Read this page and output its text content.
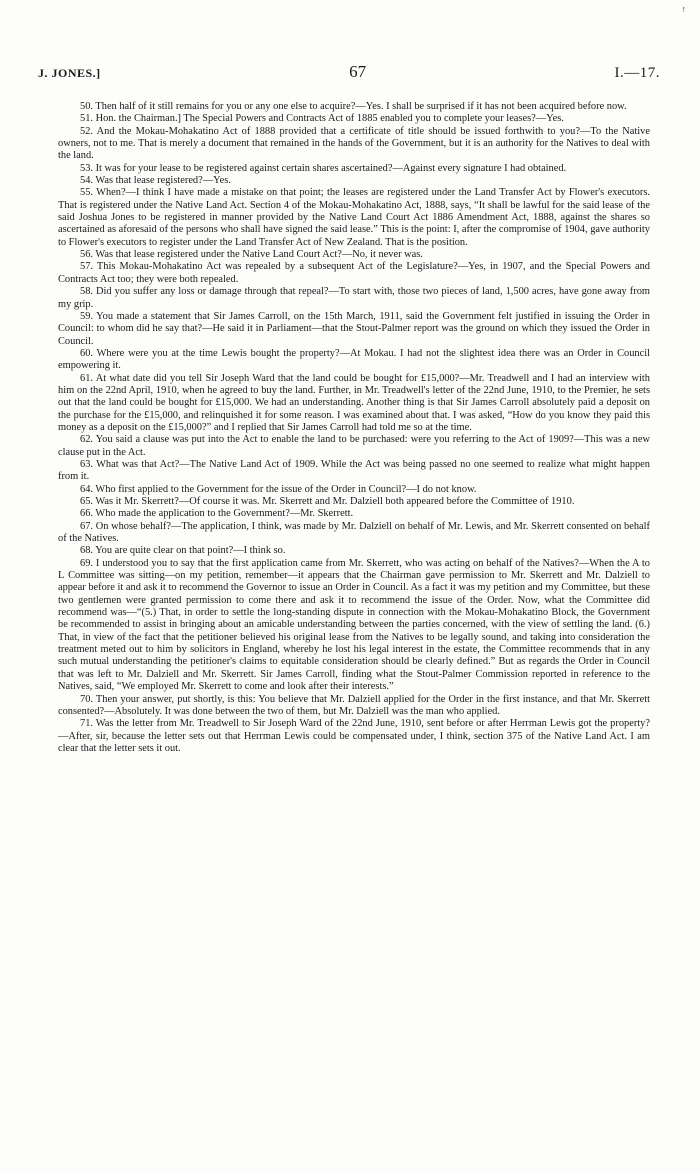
↑
J. JONES.]	67	I.—17.

50. Then half of it still remains for you or any one else to acquire?—Yes. I shall be surprised if it has not been acquired before now.

51. Hon. the Chairman.] The Special Powers and Contracts Act of 1885 enabled you to complete your leases?—Yes.

52. And the Mokau-Mohakatino Act of 1888 provided that a certificate of title should be issued forthwith to you?—To the Native owners, not to me. That is merely a document that remained in the hands of the Government, but it is an authority for the Natives to deal with the land.

53. It was for your lease to be registered against certain shares ascertained?—Against every signature I had obtained.

54. Was that lease registered?—Yes.

55. When?—I think I have made a mistake on that point; the leases are registered under the Land Transfer Act by Flower's executors. That is registered under the Native Land Act. Section 4 of the Mokau-Mohakatino Act, 1888, says, “It shall be lawful for the said lease of the said Joshua Jones to be registered in manner provided by the Native Land Court Act 1886 Amendment Act, 1888, against the shares so ascertained as aforesaid of the persons who shall have signed the said lease.” This is the point: I, after the compromise of 1904, gave authority to Flower's executors to register under the Land Transfer Act of New Zealand. That is the position.

56. Was that lease registered under the Native Land Court Act?—No, it never was.

57. This Mokau-Mohakatino Act was repealed by a subsequent Act of the Legislature?—Yes, in 1907, and the Special Powers and Contracts Act too; they were both repealed.

58. Did you suffer any loss or damage through that repeal?—To start with, those two pieces of land, 1,500 acres, have gone away from my grip.

59. You made a statement that Sir James Carroll, on the 15th March, 1911, said the Government felt justified in issuing the Order in Council: to whom did he say that?—He said it in Parliament—that the Stout-Palmer report was the ground on which they issued the Order in Council.

60. Where were you at the time Lewis bought the property?—At Mokau. I had not the slightest idea there was an Order in Council empowering it.

61. At what date did you tell Sir Joseph Ward that the land could be bought for £15,000?—Mr. Treadwell and I had an interview with him on the 22nd April, 1910, when he agreed to buy the land. Further, in Mr. Treadwell's letter of the 22nd June, 1910, to the Premier, he sets out that the land could be bought for £15,000. We had an understanding. Another thing is that Sir James Carroll absolutely paid a deposit on the purchase for the £15,000, and relinquished it for some reason. I was examined about that. I was asked, “How do you know they paid this money as a deposit on the £15,000?” and I replied that Sir James Carroll had told me so at the time.

62. You said a clause was put into the Act to enable the land to be purchased: were you referring to the Act of 1909?—This was a new clause put in the Act.

63. What was that Act?—The Native Land Act of 1909. While the Act was being passed no one seemed to realize what might happen from it.

64. Who first applied to the Government for the issue of the Order in Council?—I do not know.

65. Was it Mr. Skerrett?—Of course it was. Mr. Skerrett and Mr. Dalziell both appeared before the Committee of 1910.

66. Who made the application to the Government?—Mr. Skerrett.

67. On whose behalf?—The application, I think, was made by Mr. Dalziell on behalf of Mr. Lewis, and Mr. Skerrett consented on behalf of the Natives.

68. You are quite clear on that point?—I think so.

69. I understood you to say that the first application came from Mr. Skerrett, who was acting on behalf of the Natives?—When the A to L Committee was sitting—on my petition, remember—it appears that the Chairman gave permission to Mr. Skerrett and Mr. Dalziell to appear before it and ask it to recommend the Governor to issue an Order in Council. As a fact it was my petition and my Committee, but these two gentlemen were granted permission to come there and ask it to recommend the issue of the Order. Now, what the Committee did recommend was—“(5.) That, in order to settle the long-standing dispute in connection with the Mokau-Mohakatino Block, the Government be recommended to assist in bringing about an amicable understanding between the parties concerned, with the view of settling the land. (6.) That, in view of the fact that the petitioner believed his original lease from the Natives to be legally sound, and taking into consideration the treatment meted out to him by solicitors in England, whereby he lost his legal interest in the estate, the Committee recommends that in any such mutual understanding the petitioner's claims to equitable consideration should be clearly defined.” But as regards the Order in Council that was left to Mr. Dalziell and Mr. Skerrett. Sir James Carroll, finding what the Stout-Palmer Commission reported in reference to the Natives, said, “We employed Mr. Skerrett to come and look after their interests.”

70. Then your answer, put shortly, is this: You believe that Mr. Dalziell applied for the Order in the first instance, and that Mr. Skerrett consented?—Absolutely. It was done between the two of them, but Mr. Dalziell was the man who applied.

71. Was the letter from Mr. Treadwell to Sir Joseph Ward of the 22nd June, 1910, sent before or after Herrman Lewis got the property?—After, sir, because the letter sets out that Herrman Lewis could be compensated under, I think, section 375 of the Native Land Act. I am clear that the letter sets it out.
